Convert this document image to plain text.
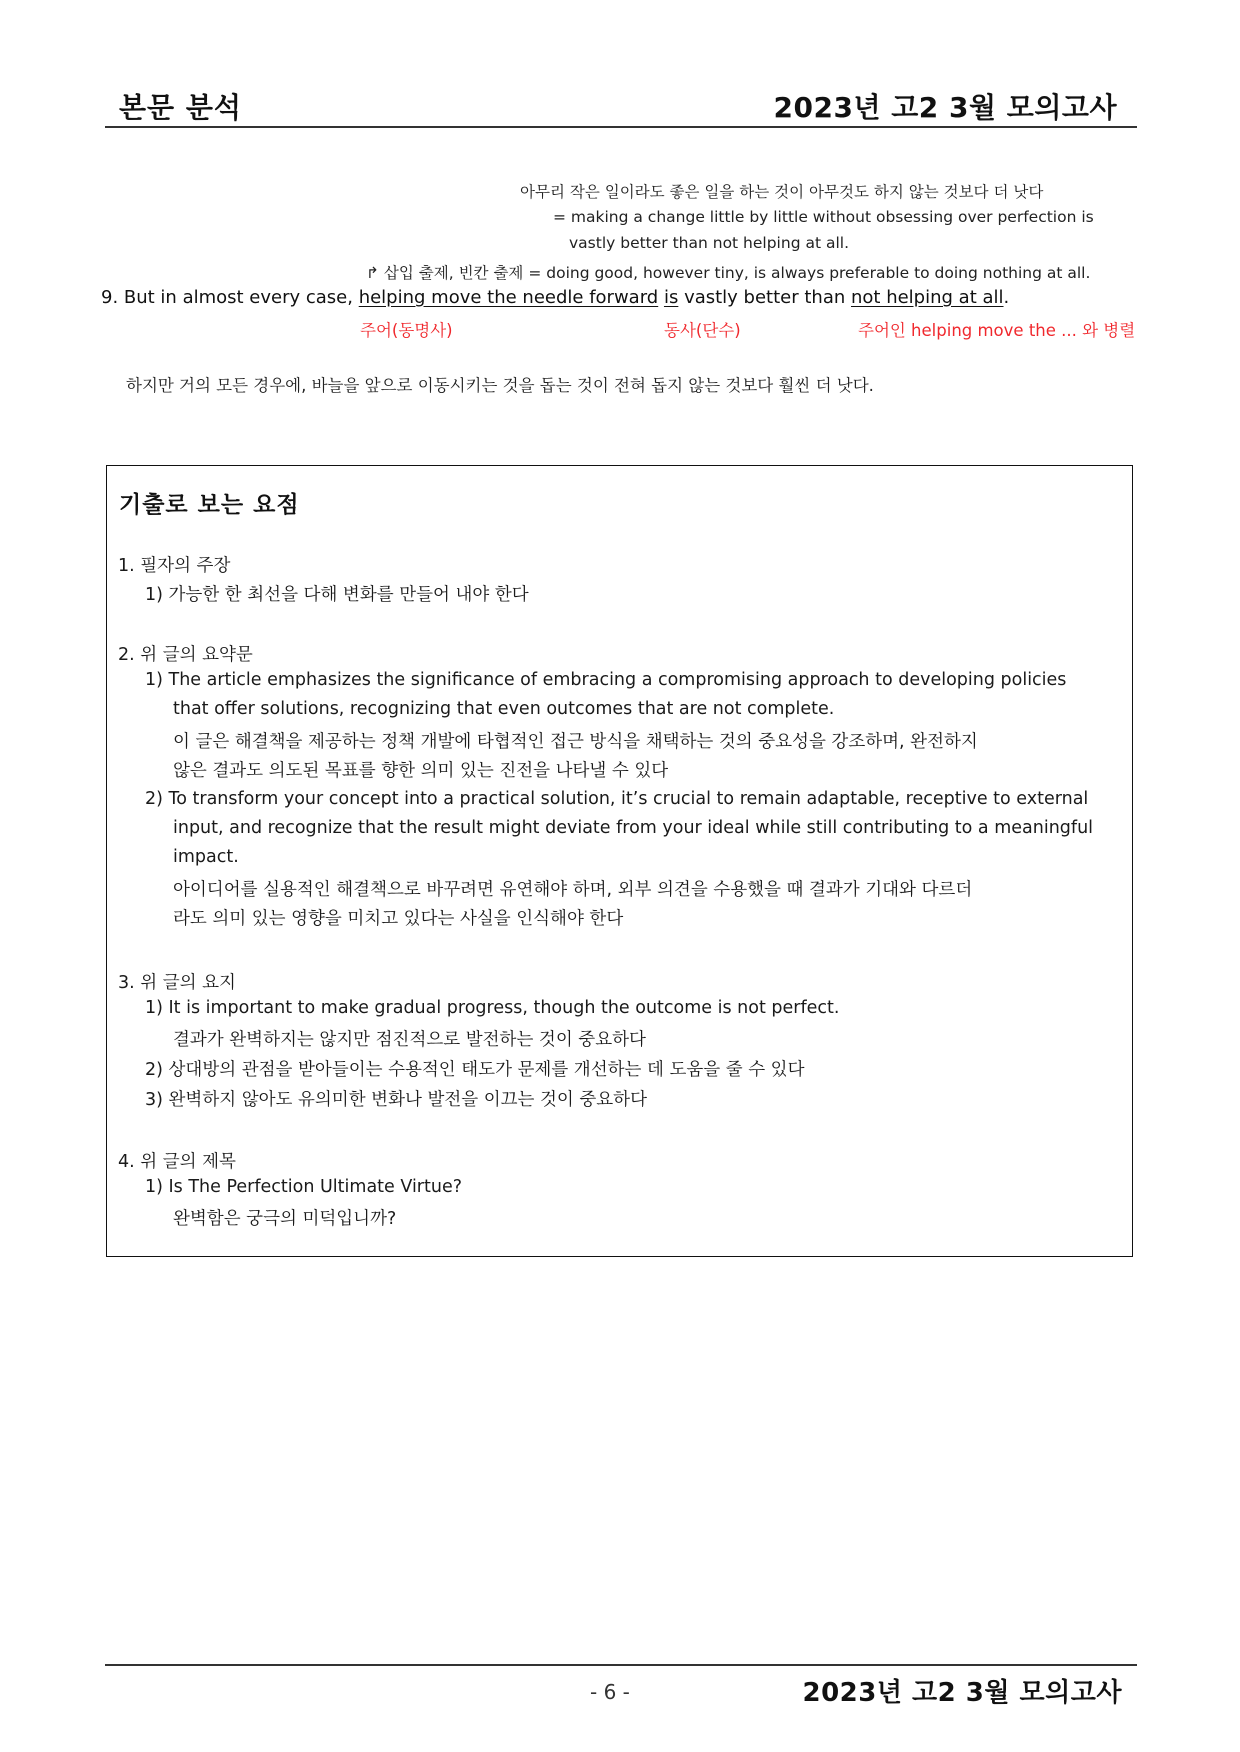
본문 분석	2023년 고2 3월 모의고사
아무리 작은 일이라도 좋은 일을 하는 것이 아무것도 하지 않는 것보다 더 낫다
= making a change little by little without obsessing over perfection is
vastly better than not helping at all.
↱ 삽입 출제, 빈칸 출제 = doing good, however tiny, is always preferable to doing nothing at all.
9. But in almost every case, helping move the needle forward is vastly better than not helping at all.
주어(동명사)	동사(단수)	주어인 helping move the ... 와 병렬
하지만 거의 모든 경우에, 바늘을 앞으로 이동시키는 것을 돕는 것이 전혀 돕지 않는 것보다 훨씬 더 낫다.
기출로 보는 요점
1. 필자의 주장
1) 가능한 한 최선을 다해 변화를 만들어 내야 한다
2. 위 글의 요약문
1) The article emphasizes the significance of embracing a compromising approach to developing policies
that offer solutions, recognizing that even outcomes that are not complete.
이 글은 해결책을 제공하는 정책 개발에 타협적인 접근 방식을 채택하는 것의 중요성을 강조하며, 완전하지
않은 결과도 의도된 목표를 향한 의미 있는 진전을 나타낼 수 있다
2) To transform your concept into a practical solution, it’s crucial to remain adaptable, receptive to external
input, and recognize that the result might deviate from your ideal while still contributing to a meaningful
impact.
아이디어를 실용적인 해결책으로 바꾸려면 유연해야 하며, 외부 의견을 수용했을 때 결과가 기대와 다르더
라도 의미 있는 영향을 미치고 있다는 사실을 인식해야 한다
3. 위 글의 요지
1) It is important to make gradual progress, though the outcome is not perfect.
결과가 완벽하지는 않지만 점진적으로 발전하는 것이 중요하다
2) 상대방의 관점을 받아들이는 수용적인 태도가 문제를 개선하는 데 도움을 줄 수 있다
3) 완벽하지 않아도 유의미한 변화나 발전을 이끄는 것이 중요하다
4. 위 글의 제목
1) Is The Perfection Ultimate Virtue?
완벽함은 궁극의 미덕입니까?
- 6 -	2023년 고2 3월 모의고사
